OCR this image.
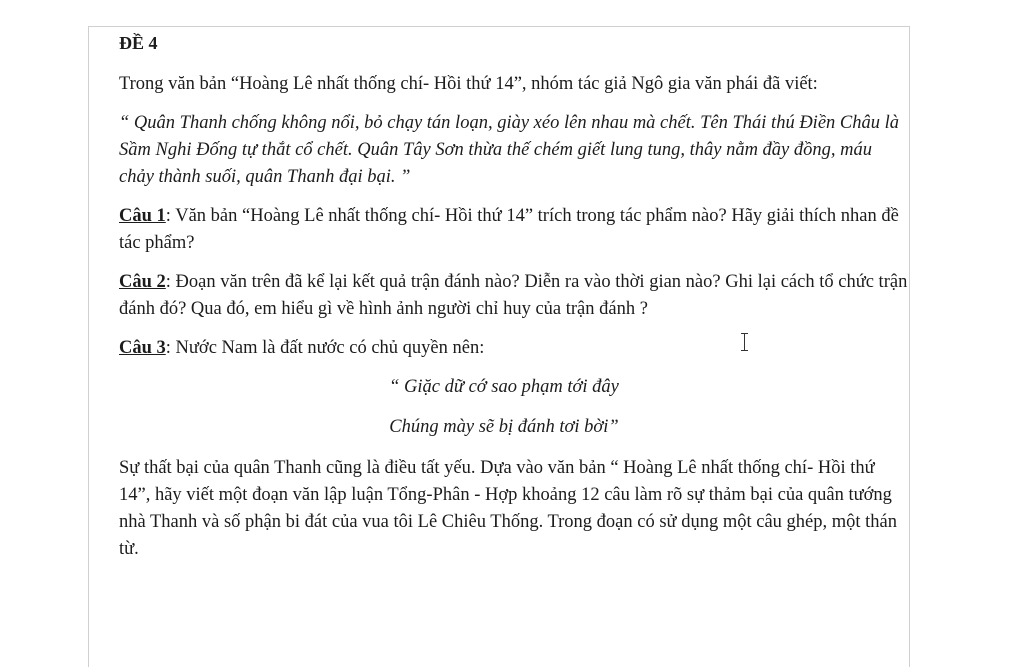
ĐỀ 4

Trong văn bản “Hoàng Lê nhất thống chí- Hồi thứ 14”, nhóm tác giả Ngô gia văn phái đã viết:

“ Quân Thanh chống không nổi, bỏ chạy tán loạn, giày xéo lên nhau mà chết. Tên Thái thú Điền Châu là Sầm Nghi Đống tự thắt cổ chết. Quân Tây Sơn thừa thế chém giết lung tung, thây nằm đầy đồng, máu chảy thành suối, quân Thanh đại bại. ”

Câu 1: Văn bản “Hoàng Lê nhất thống chí- Hồi thứ 14” trích trong tác phẩm nào? Hãy giải thích nhan đề tác phẩm?

Câu 2: Đoạn văn trên đã kể lại kết quả trận đánh nào? Diễn ra vào thời gian nào? Ghi lại cách tổ chức trận đánh đó? Qua đó, em hiểu gì về hình ảnh người chỉ huy của trận đánh ?

Câu 3: Nước Nam là đất nước có chủ quyền nên:

“ Giặc dữ cớ sao phạm tới đây

Chúng mày sẽ bị đánh tơi bời”

Sự thất bại của quân Thanh cũng là điều tất yếu. Dựa vào văn bản “ Hoàng Lê nhất thống chí- Hồi thứ 14”, hãy viết một đoạn văn lập luận Tổng-Phân - Hợp khoảng 12 câu làm rõ sự thảm bại của quân tướng nhà Thanh và số phận bi đát của vua tôi Lê Chiêu Thống. Trong đoạn có sử dụng một câu ghép, một thán từ.
